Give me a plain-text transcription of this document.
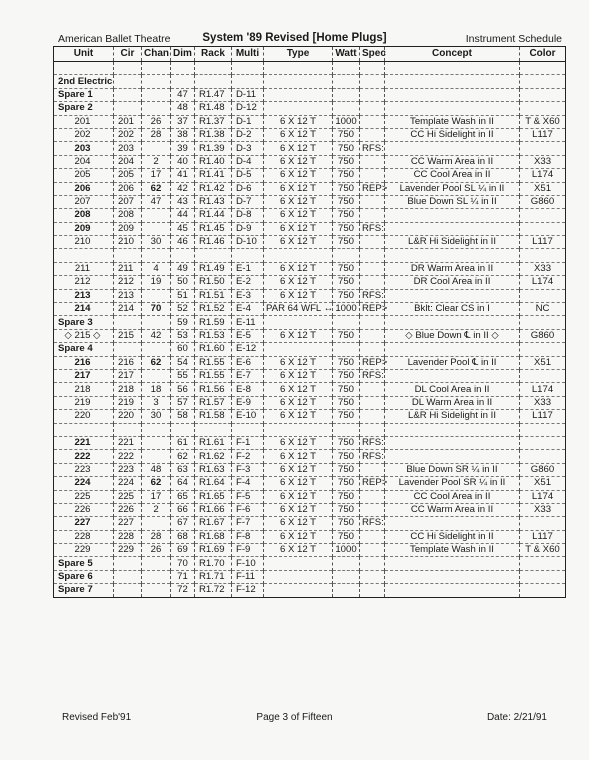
American Ballet Theatre	System '89 Revised [Home Plugs]	Instrument Schedule
Unit	Cir	Chan	Dim	Rack	Multi	Type	Watt	Spec	Concept	Color

2nd Electric										
Spare 1			47	R1.47	D-11					
Spare 2			48	R1.48	D-12					
201	201	26	37	R1.37	D-1	6 X 12 T	1000		Template Wash in II	T & X60
202	202	28	38	R1.38	D-2	6 X 12 T	750		CC Hi Sidelight in II	L117
203	203		39	R1.39	D-3	6 X 12 T	750	RFS:		
204	204	2	40	R1.40	D-4	6 X 12 T	750		CC Warm Area in II	X33
205	205	17	41	R1.41	D-5	6 X 12 T	750		CC Cool Area in II	L174
206	206	62	42	R1.42	D-6	6 X 12 T	750	REP>	Lavender Pool SL ¼ in II	X51
207	207	47	43	R1.43	D-7	6 X 12 T	750		Blue Down SL ¼ in II	G860
208	208		44	R1.44	D-8	6 X 12 T	750			
209	209		45	R1.45	D-9	6 X 12 T	750	RFS:		
210	210	30	46	R1.46	D-10	6 X 12 T	750		L&R Hi Sidelight in II	L117

211	211	4	49	R1.49	E-1	6 X 12 T	750		DR Warm Area in II	X33
212	212	19	50	R1.50	E-2	6 X 12 T	750		DR Cool Area in II	L174
213	213		51	R1.51	E-3	6 X 12 T	750	RFS:		
214	214	70	52	R1.52	E-4	PAR 64 WFL ↔	1000	REP>	Bklt: Clear CS in I	NC
Spare 3			59	R1.59	E-11					
◇ 215 ◇	215	42	53	R1.53	E-5	6 X 12 T	750		◇ Blue Down ℄ in II ◇	G860
Spare 4			60	R1.60	E-12					
216	216	62	54	R1.55	E-6	6 X 12 T	750	REP>	Lavender Pool ℄ in II	X51
217	217		55	R1.55	E-7	6 X 12 T	750	RFS:		
218	218	18	56	R1.56	E-8	6 X 12 T	750		DL Cool Area in II	L174
219	219	3	57	R1.57	E-9	6 X 12 T	750		DL Warm Area in II	X33
220	220	30	58	R1.58	E-10	6 X 12 T	750		L&R Hi Sidelight in II	L117

221	221		61	R1.61	F-1	6 X 12 T	750	RFS:		
222	222		62	R1.62	F-2	6 X 12 T	750	RFS:		
223	223	48	63	R1.63	F-3	6 X 12 T	750		Blue Down SR ¼ in II	G860
224	224	62	64	R1.64	F-4	6 X 12 T	750	REP>	Lavender Pool SR ¼ in II	X51
225	225	17	65	R1.65	F-5	6 X 12 T	750		CC Cool Area in II	L174
226	226	2	66	R1.66	F-6	6 X 12 T	750		CC Warm Area in II	X33
227	227		67	R1.67	F-7	6 X 12 T	750	RFS:		
228	228	28	68	R1.68	F-8	6 X 12 T	750		CC Hi Sidelight in II	L117
229	229	26	69	R1.69	F-9	6 X 12 T	1000		Template Wash in II	T & X60
Spare 5			70	R1.70	F-10					
Spare 6			71	R1.71	F-11					
Spare 7			72	R1.72	F-12					
Revised Feb'91	Page 3 of Fifteen	Date: 2/21/91
